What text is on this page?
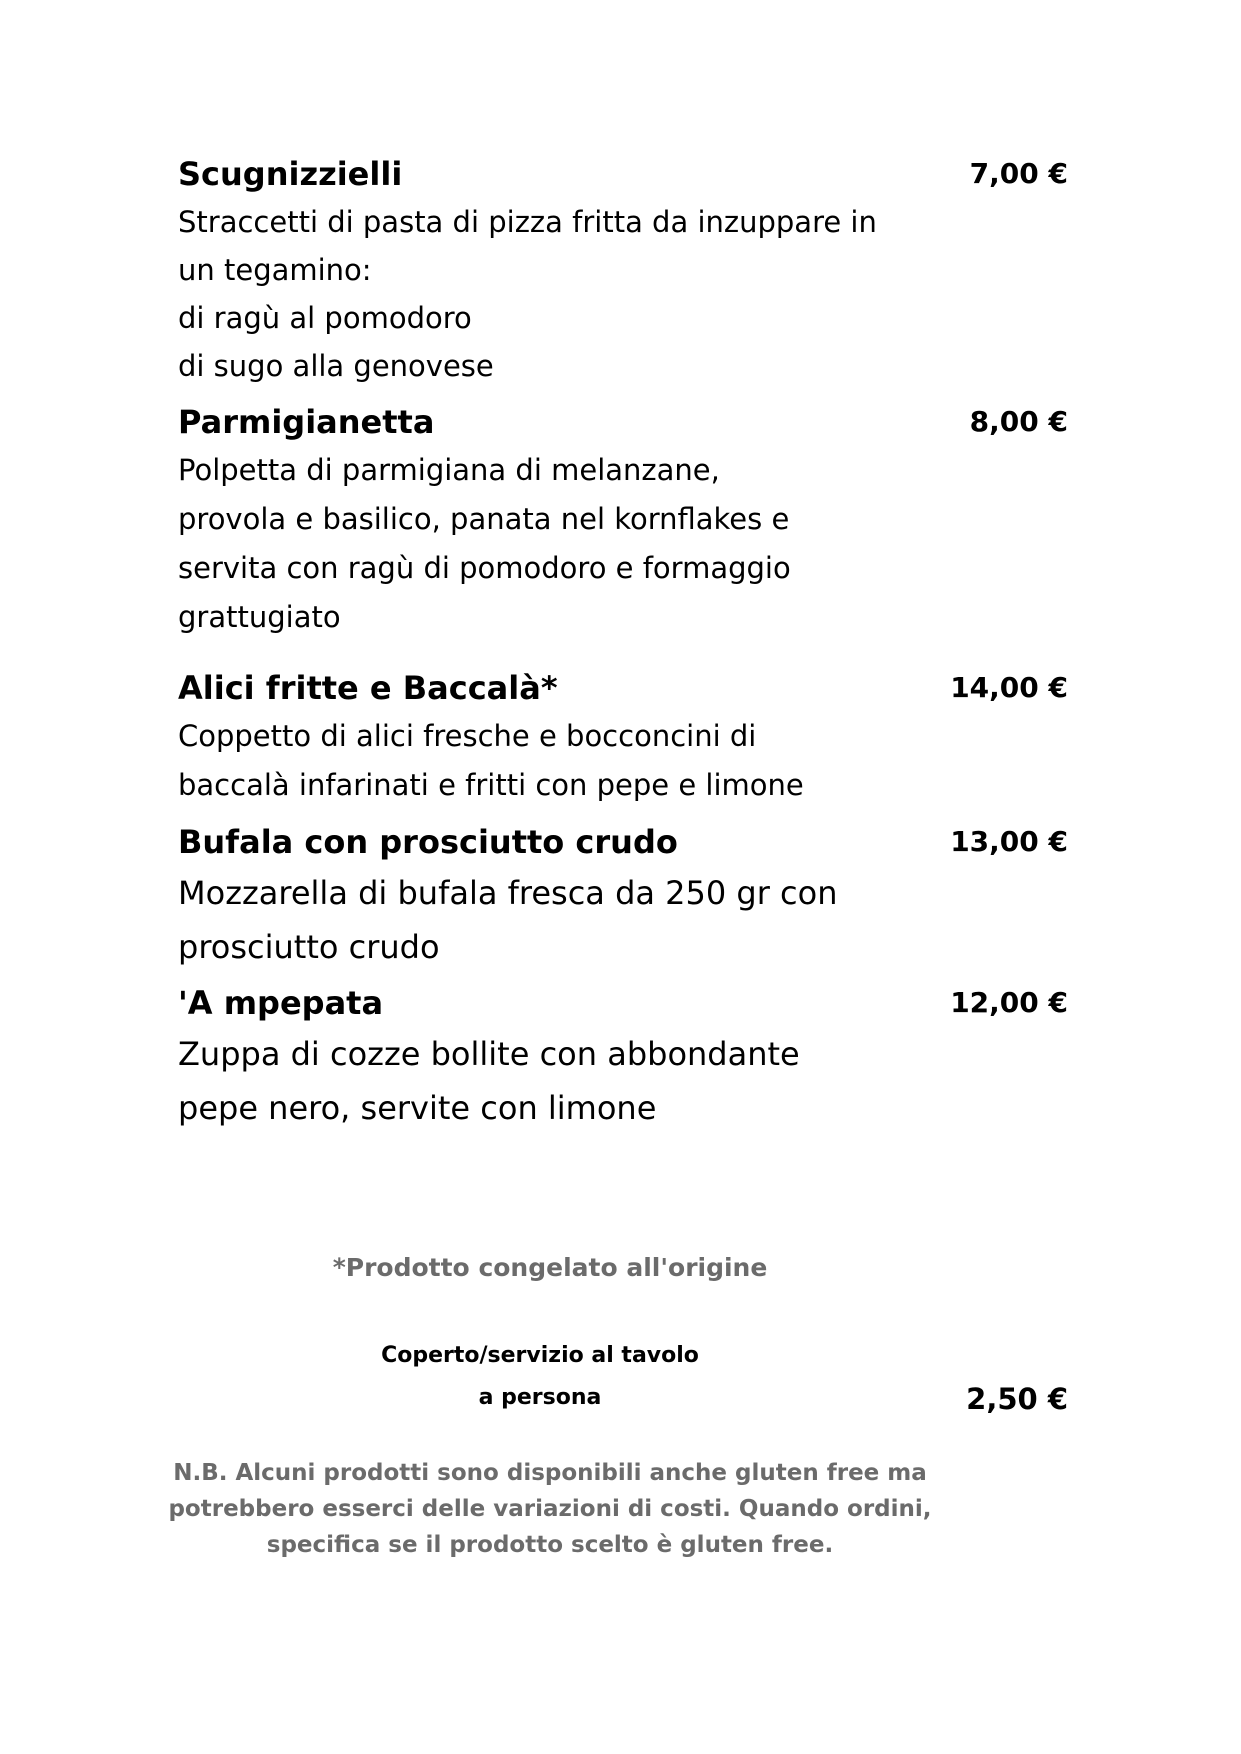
Scugnizzielli	7,00 €
Straccetti di pasta di pizza fritta da inzuppare in
un tegamino:
di ragù al pomodoro
di sugo alla genovese
Parmigianetta	8,00 €
Polpetta di parmigiana di melanzane,
provola e basilico, panata nel kornflakes e
servita con ragù di pomodoro e formaggio
grattugiato
Alici fritte e Baccalà*	14,00 €
Coppetto di alici fresche e bocconcini di
baccalà infarinati e fritti con pepe e limone
Bufala con prosciutto crudo	13,00 €
Mozzarella di bufala fresca da 250 gr con
prosciutto crudo
'A mpepata	12,00 €
Zuppa di cozze bollite con abbondante
pepe nero, servite con limone
*Prodotto congelato all'origine
Coperto/servizio al tavolo
a persona	2,50 €
N.B. Alcuni prodotti sono disponibili anche gluten free ma
potrebbero esserci delle variazioni di costi. Quando ordini,
specifica se il prodotto scelto è gluten free.
